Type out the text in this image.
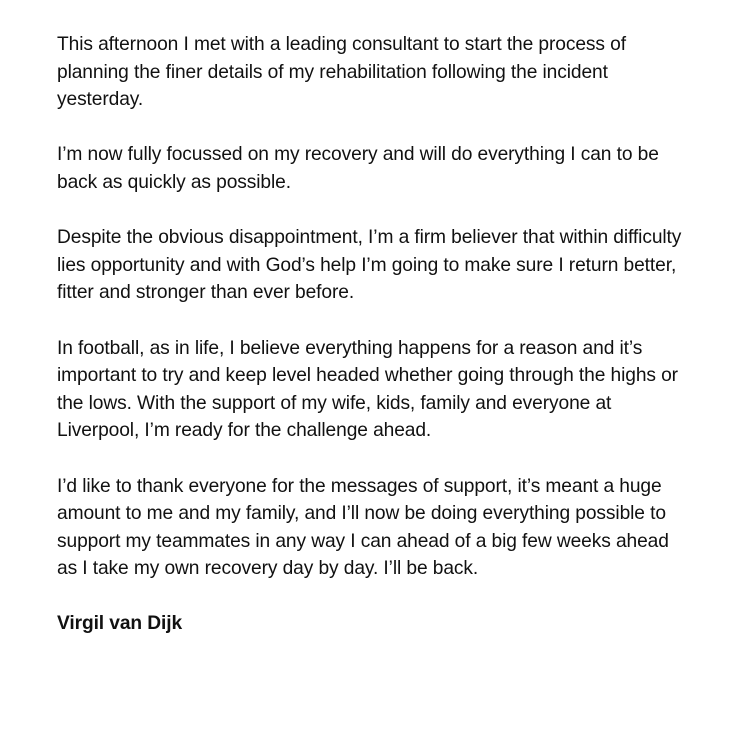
This afternoon I met with a leading consultant to start the process of planning the finer details of my rehabilitation following the incident yesterday.

I’m now fully focussed on my recovery and will do everything I can to be back as quickly as possible.

Despite the obvious disappointment, I’m a firm believer that within difficulty lies opportunity and with God’s help I’m going to make sure I return better, fitter and stronger than ever before.

In football, as in life, I believe everything happens for a reason and it’s important to try and keep level headed whether going through the highs or the lows. With the support of my wife, kids, family and everyone at Liverpool, I’m ready for the challenge ahead.

I’d like to thank everyone for the messages of support, it’s meant a huge amount to me and my family, and I’ll now be doing everything possible to support my teammates in any way I can ahead of a big few weeks ahead as I take my own recovery day by day. I’ll be back.

Virgil van Dijk
